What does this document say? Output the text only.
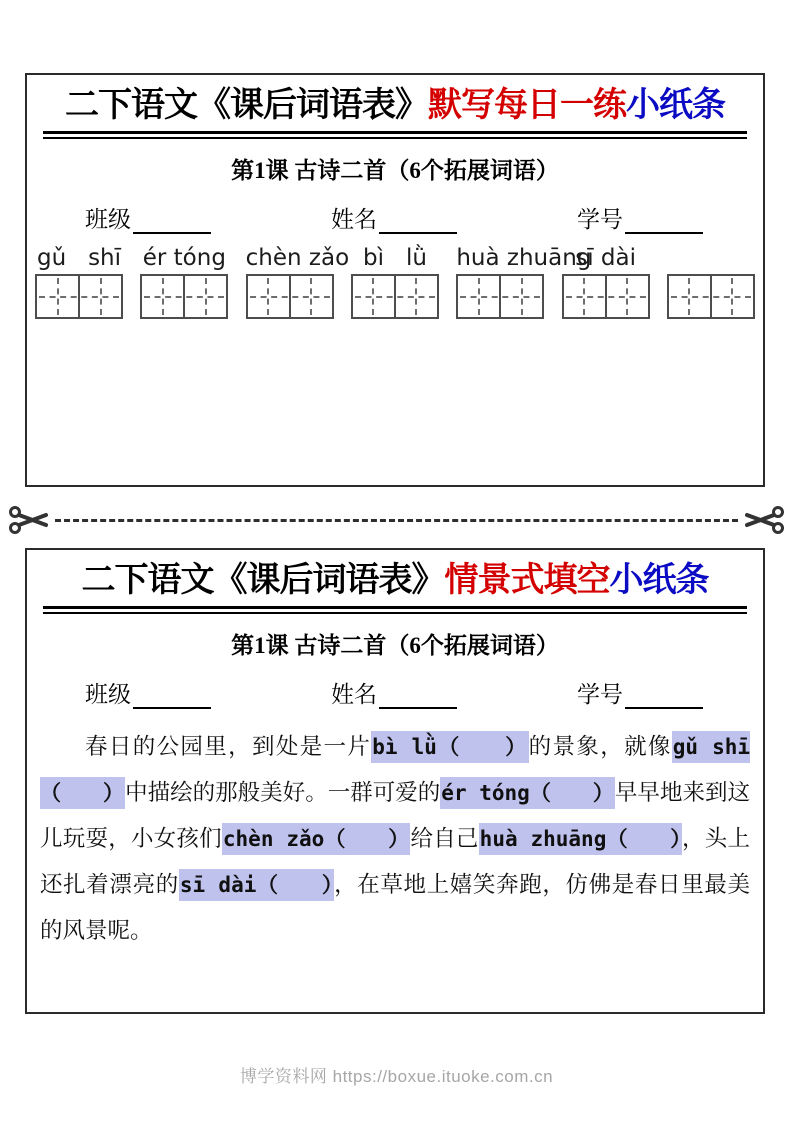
二下语文《课后词语表》默写每日一练小纸条
第1课 古诗二首（6个拓展词语）
班级	姓名	学号
gǔ   shī ér tóng chèn zǎo bì   lǜ	huà zhuāng
sī dài
二下语文《课后词语表》情景式填空小纸条
第1课 古诗二首（6个拓展词语）
班级	姓名	学号
春日的公园里，到处是一片bì lǜ（　　）的景象，就像gǔ shī（　　）中描绘的那般美好。一群可爱的ér tóng（　　）早早地来到这儿玩耍，小女孩们chèn zǎo（　　）给自己huà zhuāng（　　），头上还扎着漂亮的sī dài（　　），在草地上嬉笑奔跑，仿佛是春日里最美的风景呢。
博学资料网 https://boxue.ituoke.com.cn
